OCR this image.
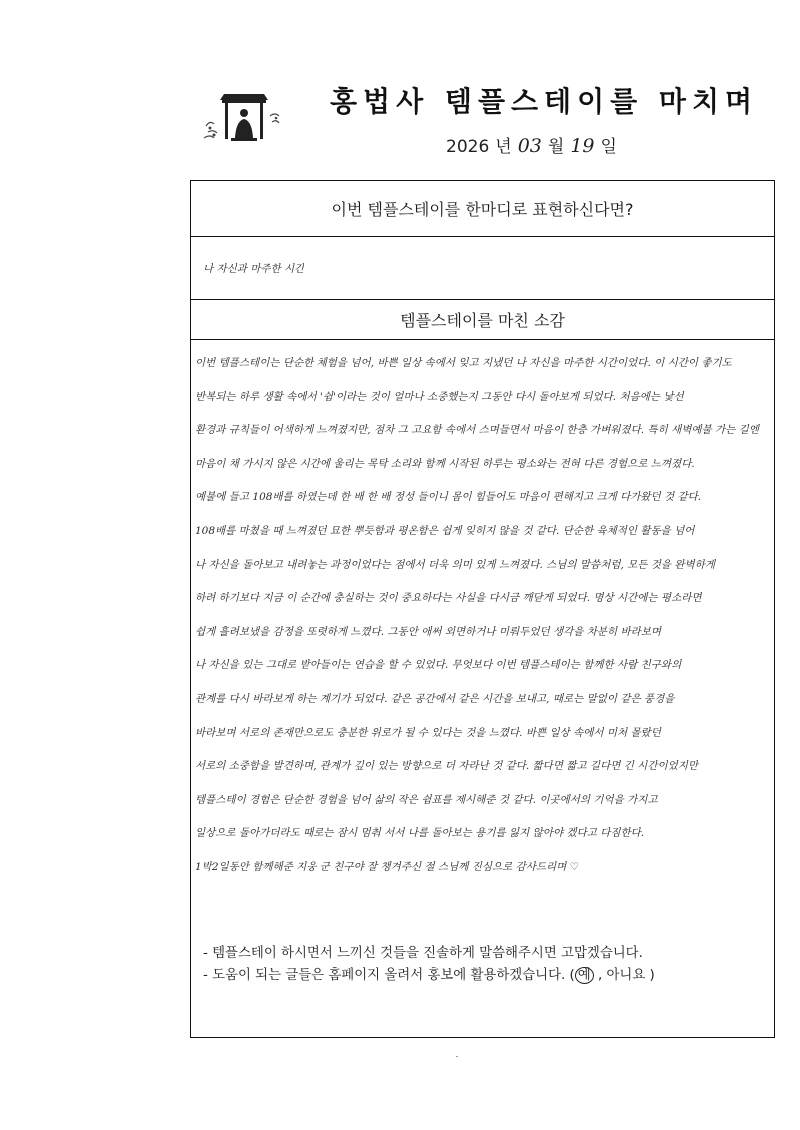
홍법사 템플스테이를 마치며
2026 년 03 월 19 일
이번 템플스테이를 한마디로 표현하신다면?
나 자신과 마주한 시간
템플스테이를 마친 소감
이번 템플스테이는 단순한 체험을 넘어, 바쁜 일상 속에서 잊고 지냈던 나 자신을 마주한 시간이었다. 이 시간이 좋기도
반복되는 하루 생활 속에서 '쉼'이라는 것이 얼마나 소중했는지 그동안 다시 돌아보게 되었다. 처음에는 낯선
환경과 규칙들이 어색하게 느껴졌지만, 점차 그 고요함 속에서 스며들면서 마음이 한층 가벼워졌다. 특히 새벽예불 가는 길엔
마음이 채 가시지 않은 시간에 울리는 목탁 소리와 함께 시작된 하루는 평소와는 전혀 다른 경험으로 느껴졌다.
예불에 들고 108배를 하였는데 한 배 한 배 정성 들이니 몸이 힘들어도 마음이 편해지고 크게 다가왔던 것 같다.
108배를 마쳤을 때 느껴졌던 묘한 뿌듯함과 평온함은 쉽게 잊히지 않을 것 같다. 단순한 육체적인 활동을 넘어
나 자신을 돌아보고 내려놓는 과정이었다는 점에서 더욱 의미 있게 느껴졌다. 스님의 말씀처럼, 모든 것을 완벽하게
하려 하기보다 지금 이 순간에 충실하는 것이 중요하다는 사실을 다시금 깨닫게 되었다. 명상 시간에는 평소라면
쉽게 흘려보냈을 감정을 또렷하게 느꼈다. 그동안 애써 외면하거나 미뤄두었던 생각을 차분히 바라보며
나 자신을 있는 그대로 받아들이는 연습을 할 수 있었다. 무엇보다 이번 템플스테이는 함께한 사람 친구와의
관계를 다시 바라보게 하는 계기가 되었다. 같은 공간에서 같은 시간을 보내고, 때로는 말없이 같은 풍경을
바라보며 서로의 존재만으로도 충분한 위로가 될 수 있다는 것을 느꼈다. 바쁜 일상 속에서 미처 몰랐던
서로의 소중함을 발견하며, 관계가 깊이 있는 방향으로 더 자라난 것 같다. 짧다면 짧고 길다면 긴 시간이었지만
템플스테이 경험은 단순한 경험을 넘어 삶의 작은 쉼표를 제시해준 것 같다. 이곳에서의 기억을 가지고
일상으로 돌아가더라도 때로는 잠시 멈춰 서서 나를 돌아보는 용기를 잃지 않아야 겠다고 다짐한다.
1박2일동안 함께해준 지웅 군 친구야 잘 챙겨주신 절 스님께 진심으로 감사드리며 ♡
- 템플스테이 하시면서 느끼신 것들을 진솔하게 말씀해주시면 고맙겠습니다.
- 도움이 되는 글들은 홈페이지 올려서 홍보에 활용하겠습니다. ( 예 , 아니요 )
